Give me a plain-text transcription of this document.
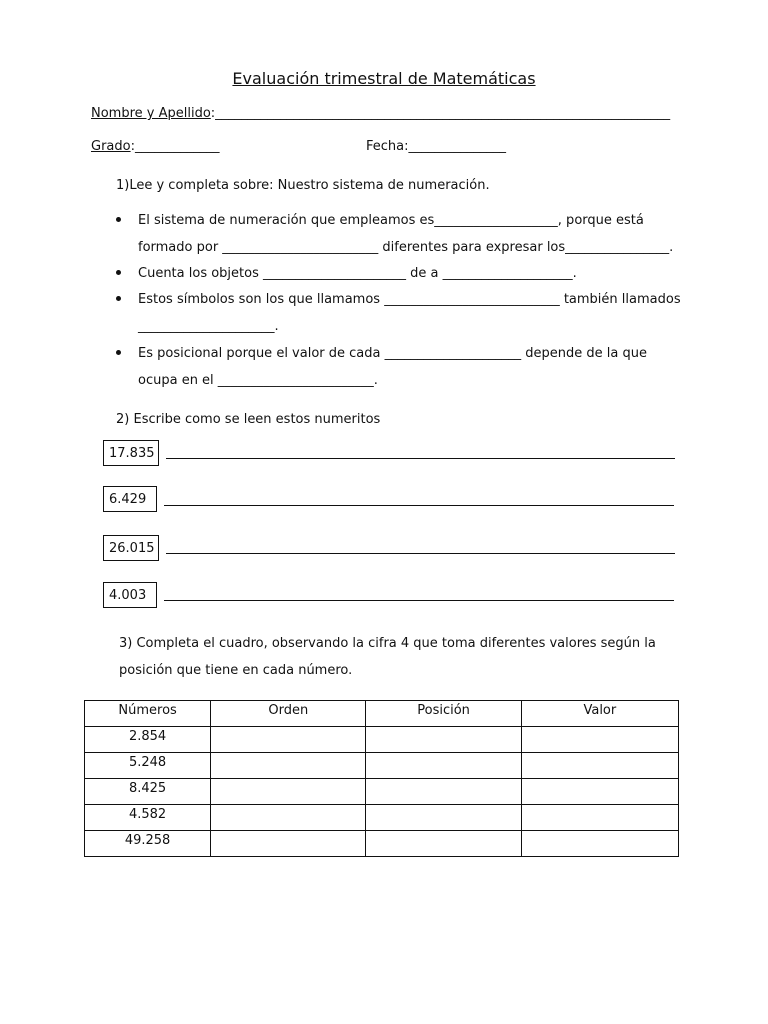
Evaluación trimestral de Matemáticas
Nombre y Apellido:______________________________________________________________________
Grado:_____________	Fecha:_______________
1)Lee y completa sobre: Nuestro sistema de numeración.
El sistema de numeración que empleamos es___________________, porque está
formado por ________________________ diferentes para expresar los________________.
Cuenta los objetos ______________________ de a ____________________.
Estos símbolos son los que llamamos ___________________________ también llamados
_____________________.
Es posicional porque el valor de cada _____________________ depende de la que
ocupa en el ________________________.
2) Escribe como se leen estos numeritos
17.835
6.429
26.015
4.003
3) Completa el cuadro, observando la cifra 4 que toma diferentes valores según la
posición que tiene en cada número.
Números	Orden	Posición	Valor
2.854			
5.248			
8.425			
4.582			
49.258			
